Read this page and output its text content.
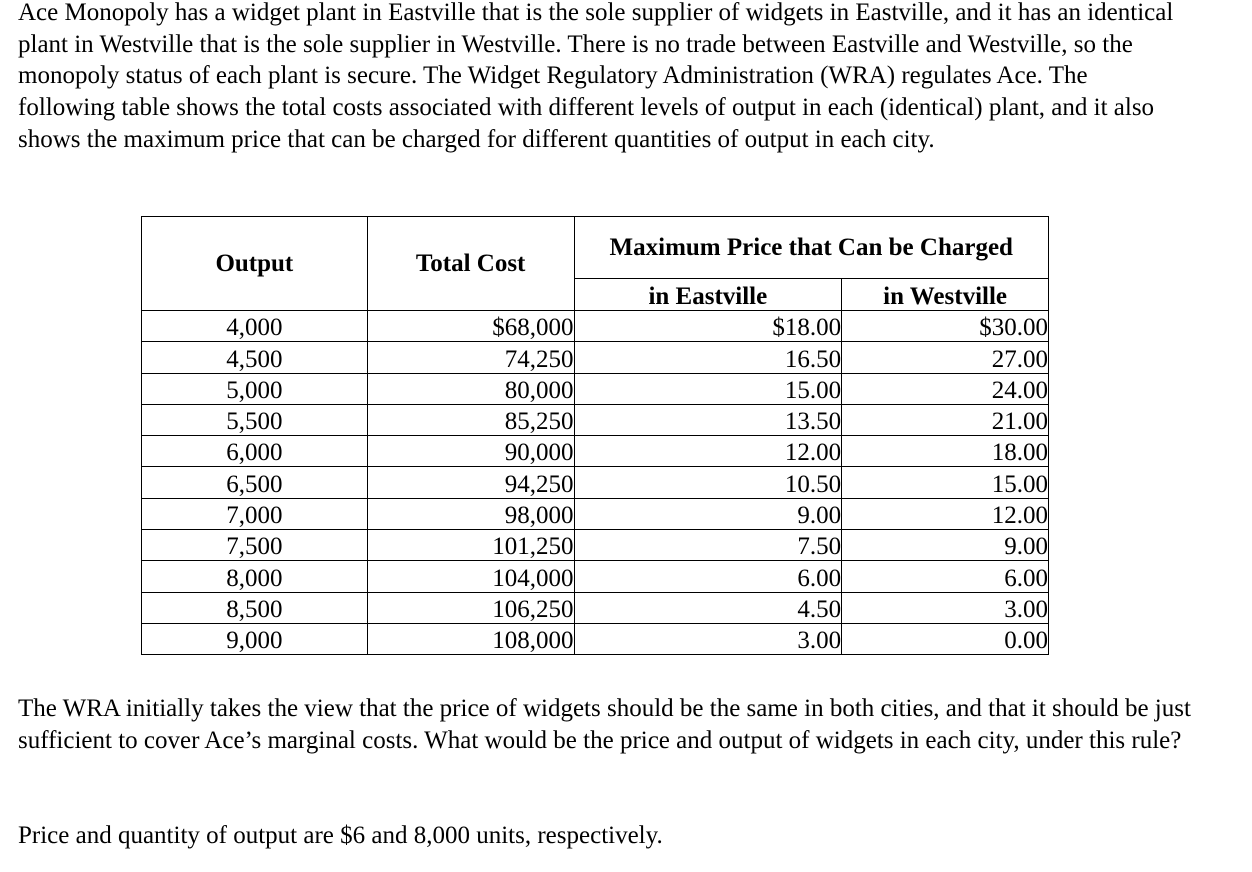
Ace Monopoly has a widget plant in Eastville that is the sole supplier of widgets in Eastville, and it has an identical plant in Westville that is the sole supplier in Westville. There is no trade between Eastville and Westville, so the monopoly status of each plant is secure. The Widget Regulatory Administration (WRA) regulates Ace. The following table shows the total costs associated with different levels of output in each (identical) plant, and it also shows the maximum price that can be charged for different quantities of output in each city.

Output	Total Cost	Maximum Price that Can be Charged	
		in Eastville	in Westville
4,000	$68,000	$18.00	$30.00
4,500	74,250	16.50	27.00
5,000	80,000	15.00	24.00
5,500	85,250	13.50	21.00
6,000	90,000	12.00	18.00
6,500	94,250	10.50	15.00
7,000	98,000	9.00	12.00
7,500	101,250	7.50	9.00
8,000	104,000	6.00	6.00
8,500	106,250	4.50	3.00
9,000	108,000	3.00	0.00

The WRA initially takes the view that the price of widgets should be the same in both cities, and that it should be just sufficient to cover Ace’s marginal costs. What would be the price and output of widgets in each city, under this rule?

Price and quantity of output are $6 and 8,000 units, respectively.
